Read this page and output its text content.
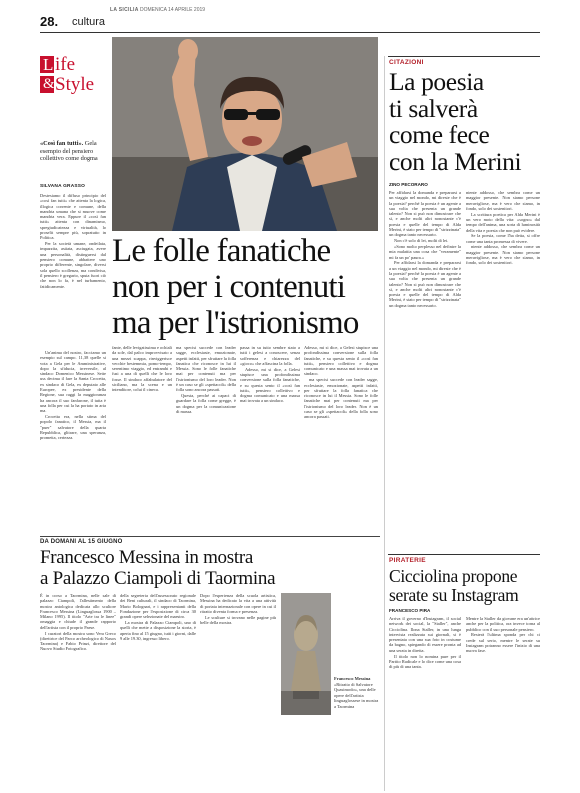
LA SICILIA DOMENICA 14 APRILE 2019
28. cultura
L ife
& Style
«Così fan tutti». Gela esempio del pensiero collettivo come dogma
SILVANA GRASSO
Le folle fanatiche
non per i contenuti
ma per l'istrionismo

Destesiamo il diffuso principio del «così fan tutti» che attenta la logica, illogica corrente e comune, della mandria umana che si muove come mandria vera. Eppure il «così fan tutti» attenta con dinamismo, spregiudicatezza e virtualità, lo proselit sempre più, sopratutto in Politica.

Per la società umane, ondeilata, impazzita, astiata, asciugata, avere una personalità, distinguersi dal pensiero comune, abbattere uno proprio differente, singolare, diversi sola quello scollenza, ma condivisa, il pensiero è gregario, sputa fuori ciò che non lo fa, è nel turbamento, fatidicamente.

Un'anima del nostro, facciamo un esempio sul campo. 11,38 quelle si vota a Gela per le Amministrative, dopo la sfiducia, irreversile, al sindaco Domenico Messinese. Sette uss decima il fare la Santa Crocetta, ex sindaco di Gela, ex deputato alle Europee, ex presidente della Regione, sua raggi la maggioranza ha ancora il suo fanfarone, il tutta è una folla per cui la ha portato in aria ma.

Crocetta era, nella stima del popolo fanatico, il Messia, ma il "puer" salvatore della quarta Repubblica, glitrare, una speranza, prometta, certezza.

fante, delle levigatissima e ochiali da sole, dal palco improvvisato a una mezzi scappa, rinviggerisce vecchie bestemmia, pomo-tempo, serentimo viaggio, ed entrambi e fusi a una di quelli che le loro fosse. Il sindaco affabulatore del siciliano, ma la scena e un intenditore, colui il cineca.

ma specisi succede con leader sagge, ecclesiaste, emozionate, aspetti infatti, per sfruttare la folla fanatica che riconosce in lui il Messia. Sono le folle fanatiche mai per contenuti ma per l'istrionismo del loro leader. Non è un caso se gli «spettacoli» della folla sono ancora passati.

Questa, perché ai capaci di guardare la folla come gregge, è un dogma per la comunicazione di massa.

passa in su tutto sembre stato a tutti i gelesi a conoscere, senza sofferenza e chiarezza del «gioco» che affascina la folla.

Adesso, mi si dice, a Gelesi stupisce una profondissima conversione sulla folla fanatiche, e su questa sento il «così fan tutti», pensiero collettivo e dogma comunicato e una massa mai trovata a un sindaco.

Adesso, mi si dice, a Gelesi stupisce una profondissima conversione sulla folla fanatiche, e su questa sento il «così fan tutti», pensiero collettivo e dogma comunicato e una massa mai trovata a un sindaco.

ma specisi succede con leader sagge, ecclesiaste, emozionate, aspetti infatti, per sfruttare la folla fanatica che riconosce in lui il Messia. Sono le folle fanatiche mai per contenuti ma per l'istrionismo del loro leader. Non è un caso se gli «spettacoli» della folla sono ancora passati.

DA DOMANI AL 15 GIUGNO
Francesco Messina in mostra
a Palazzo Ciampoli di Taormina

È in corso a Taormina, nelle sale di palazzo Ciampoli, l'allestimento della mostra antologica dedicata allo scultore Francesco Messina (Linguaglossa 1900 – Milano 1995). Il titolo "Arte tra le linee" omaggia e chiude il grande rapporto dell'artista con il proprio Paese.

I curatori della mostra sono Vera Greco (direttrice del Parco archeologico di Naxos Taormina) e Fabio Prinzi, direttore del Nuovo Studio Fotografico.

della segreteria dell'assessorato regionale dei Beni culturali, il sindaco di Taormina, Mario Bolognari, e i rappresentanti della Fondazione per l'esposizione di circa 30 grandi opere selezionate del maestro.

La mostra di Palazzo Ciampoli, uno di quelli che mette a disposizione la storia, è aperta fino al 15 giugno, tutti i giorni, dalle 9 alle 19.30, ingresso libero.

Dopo l'esperienza della scuola artistica, Messina ha dedicato la vita a una attività di portata internazionale con opere in cui il ritratto diventa forma e presenza.

Le sculture si trovano nelle pagine più belle della mostra.

Francesco Messina «Ritratto di Salvatore Quasimodo», una delle opere dell'artista linguaglossese in mostra a Taormina
CITAZIONI
La poesia
ti salverà
come fece
con la Merini
ZINO PECORARO

Per affidarsi la domanda e prepararsi a un viaggio nel mondo, mi direste che è la poesia? perché la poesia è un agente a sua volta che presenta un grande talento? Non si può non dimostrare che sì, e anche molti altri nonostante c'è poesia e quelle del tempo di Alda Merini, è stato per tempo di "strizzinata" un dogma tanto necessario.

Non c'è solo di lei, molti di lei.

«Sono molto perplesso nel definire la mia malattia una cosa che "veramente" mi fa un po' paura.»

Per affidarsi la domanda e prepararsi a un viaggio nel mondo, mi direste che è la poesia? perché la poesia è un agente a sua volta che presenta un grande talento? Non si può non dimostrare che sì, e anche molti altri nonostante c'è poesia e quelle del tempo di Alda Merini, è stato per tempo di "strizzinata" un dogma tanto necessario.

niente addosso, che sembra come un maggior presente. Non siamo persone meravigliose, ma è vero che siamo, in fondo, solo dei sostenitori.

La scrittura poetica per Alda Merini è un vero moto della vita: «sogno» dal tempo dell'anima, una sorta di luminosità della vita e poesia che non può evidere.

Se la poesia, come l'ha detta, si offre come una tanta promessa di vivere.

niente addosso, che sembra come un maggior presente. Non siamo persone meravigliose, ma è vero che siamo, in fondo, solo dei sostenitori.

PIRATERIE
Cicciolina propone
serate su Instagram
FRANCESCO PIRA

Arriva il governo d'Instagram, il social network dei social, la "Staller", anche Cicciolina. Ilona Staller, in una lunga intervista realizzata sui giornali, si è presentata con una sua foto in costume da bagno, spiegando di essere pronta ad una serata in diretta.

Il titolo non lo nomina pure per il Partito Radicale e lo dice come una cosa di più di una tanta.

Mentre la Staller da giovane era un'attrice anche per la politica, ora invece torna al pubblico con il suo personale pensiero.

Resterà l'ultima sponda per chi ci crede sul serio, mentre le serate su Instagram potranno essere l'inizio di una nuova fase.
